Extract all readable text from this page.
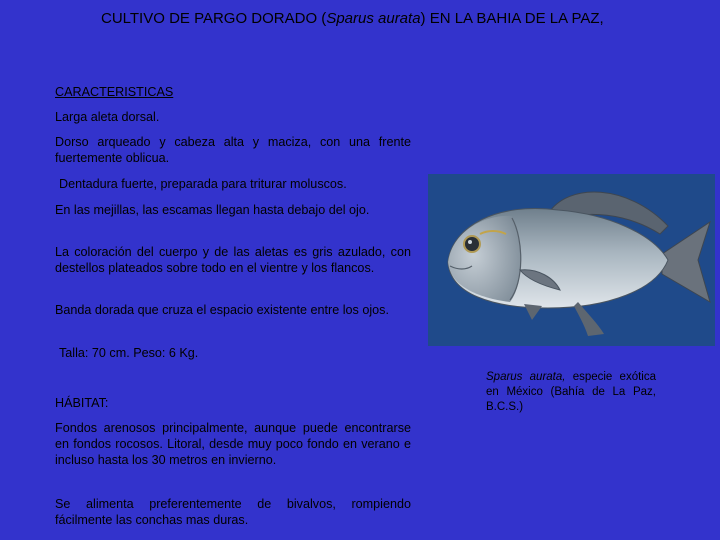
CULTIVO DE PARGO DORADO (Sparus aurata) EN LA BAHIA DE LA PAZ,
CARACTERISTICAS
Larga aleta dorsal.
Dorso arqueado y cabeza alta y maciza, con una frente fuertemente oblicua.
Dentadura fuerte, preparada para triturar moluscos.
En las mejillas, las escamas llegan hasta debajo del ojo.
La coloración del cuerpo y de las aletas es gris azulado, con destellos plateados sobre todo en el vientre y los flancos.
Banda dorada que cruza el espacio existente entre los ojos.
Talla: 70 cm. Peso: 6 Kg.
HÁBITAT:
Fondos arenosos principalmente, aunque puede encontrarse en fondos rocosos. Litoral, desde muy poco fondo en verano e incluso hasta los 30 metros en invierno.
Se alimenta preferentemente de bivalvos, rompiendo fácilmente las conchas mas duras.
Sparus aurata, especie exótica en México (Bahía de La Paz, B.C.S.)
